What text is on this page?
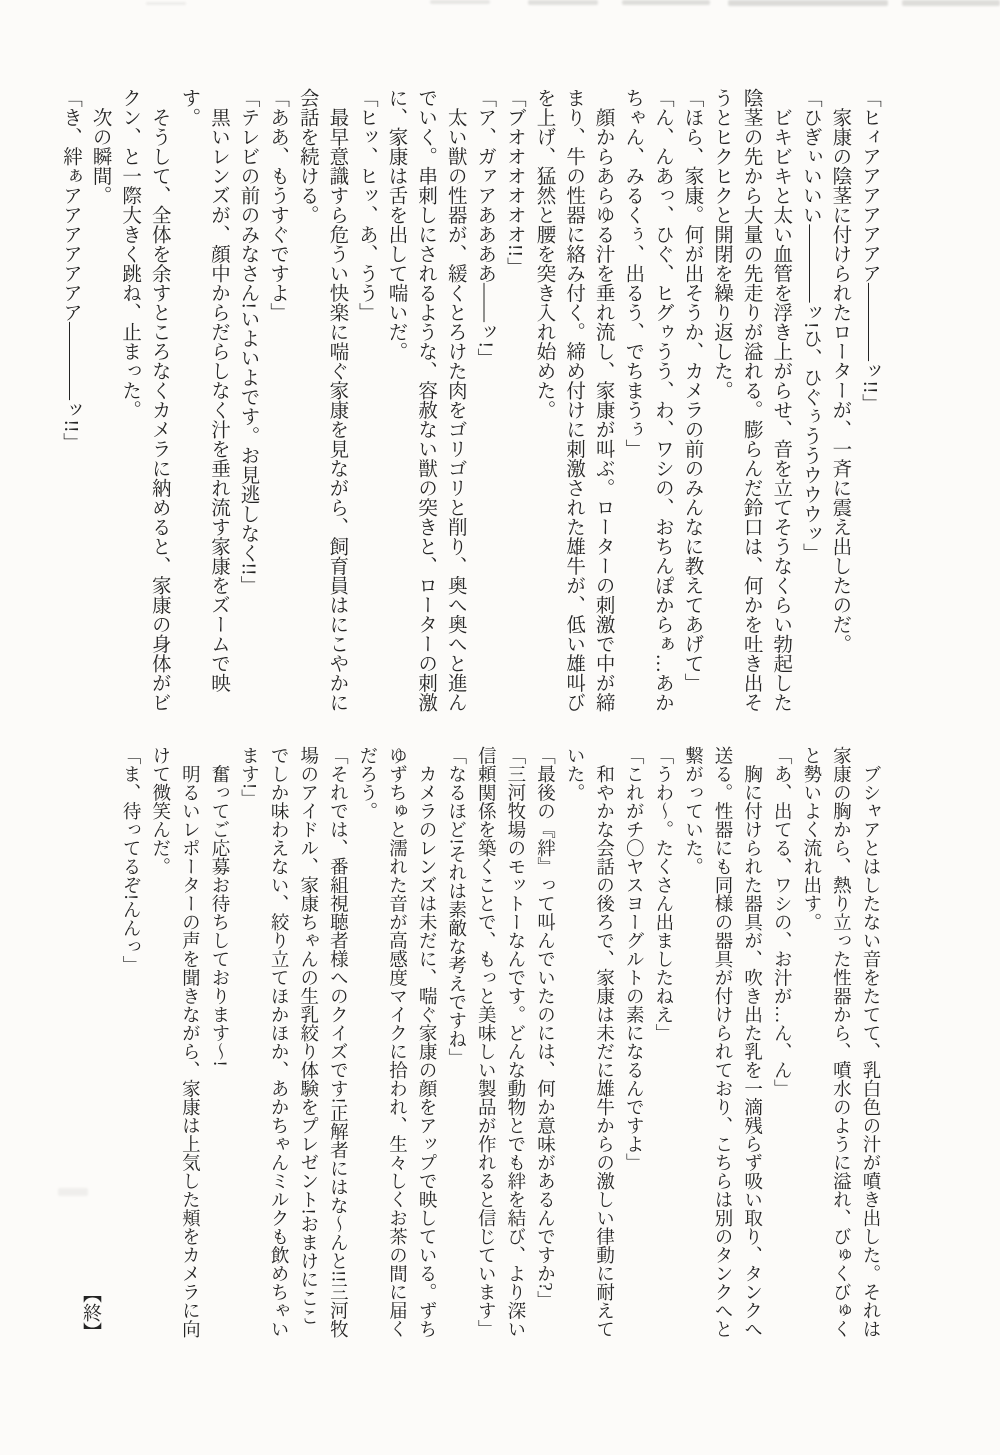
「ヒィアアアアアアア――――ッ!!」

　家康の陰茎に付けられたローターが、一斉に震え出したのだ。

「ひぎぃいいい――――ッ!ひ、ひぐぅううウウウッ」

　ビキビキと太い血管を浮き上がらせ、音を立てそうなくらい勃起した陰茎の先から大量の先走りが溢れる。膨らんだ鈴口は、何かを吐き出そうとヒクヒクと開閉を繰り返した。

「ほら、家康。何が出そうか、カメラの前のみんなに教えてあげて」

「ん、んあっ、ひぐ、ヒグゥうう、わ、ワシの、おちんぽからぁ…あかちゃん、みるくぅ、出るう、でちまうぅ」

　顔からあらゆる汁を垂れ流し、家康が叫ぶ。ローターの刺激で中が締まり、牛の性器に絡み付く。締め付けに刺激された雄牛が、低い雄叫びを上げ、猛然と腰を突き入れ始めた。

「ブオオオオオオ!!」

「ア、ガァアああああ――ッ!」

　太い獣の性器が、緩くとろけた肉をゴリゴリと削り、奥へ奥へと進んでいく。串刺しにされるような、容赦ない獣の突きと、ローターの刺激に、家康は舌を出して喘いだ。

「ヒッ、ヒッ、あ、うう」

　最早意識すら危うい快楽に喘ぐ家康を見ながら、飼育員はにこやかに会話を続ける。

「ああ、もうすぐですよ」

「テレビの前のみなさん!いよいよです。お見逃しなく!!」

　黒いレンズが、顔中からだらしなく汁を垂れ流す家康をズームで映す。

　そうして、全体を余すところなくカメラに納めると、家康の身体がビクン、と一際大きく跳ね、止まった。

　次の瞬間。

「き、絆ぁアアアアアアア――――ッ!!」

　ブシャアとはしたない音をたてて、乳白色の汁が噴き出した。それは家康の胸から、熱り立った性器から、噴水のように溢れ、びゅくびゅくと勢いよく流れ出す。

「あ、出てる、ワシの、お汁が…ん、ん」

　胸に付けられた器具が、吹き出た乳を一滴残らず吸い取り、タンクへ送る。性器にも同様の器具が付けられており、こちらは別のタンクへと繋がっていた。

「うわ〜。たくさん出ましたねえ」

「これがチ〇ヤスヨーグルトの素になるんですよ」

　和やかな会話の後ろで、家康は未だに雄牛からの激しい律動に耐えていた。

「最後の『絆』って叫んでいたのには、何か意味があるんですか?」

「三河牧場のモットーなんです。どんな動物とでも絆を結び、より深い信頼関係を築くことで、もっと美味しい製品が作れると信じています」

「なるほど!それは素敵な考えですね」

　カメラのレンズは未だに、喘ぐ家康の顔をアップで映している。ずちゆずちゅと濡れた音が高感度マイクに拾われ、生々しくお茶の間に届くだろう。

「それでは、番組視聴者様へのクイズです!正解者にはな〜んと!!三河牧場のアイドル、家康ちゃんの生乳絞り体験をプレゼント!おまけにここでしか味わえない、絞り立てほかほか、あかちゃんミルクも飲めちゃいます!」

　奮ってご応募お待ちしております〜!

　明るいレポーターの声を聞きながら、家康は上気した頬をカメラに向けて微笑んだ。

「ま、待ってるぞ!んんっ」

【終】
